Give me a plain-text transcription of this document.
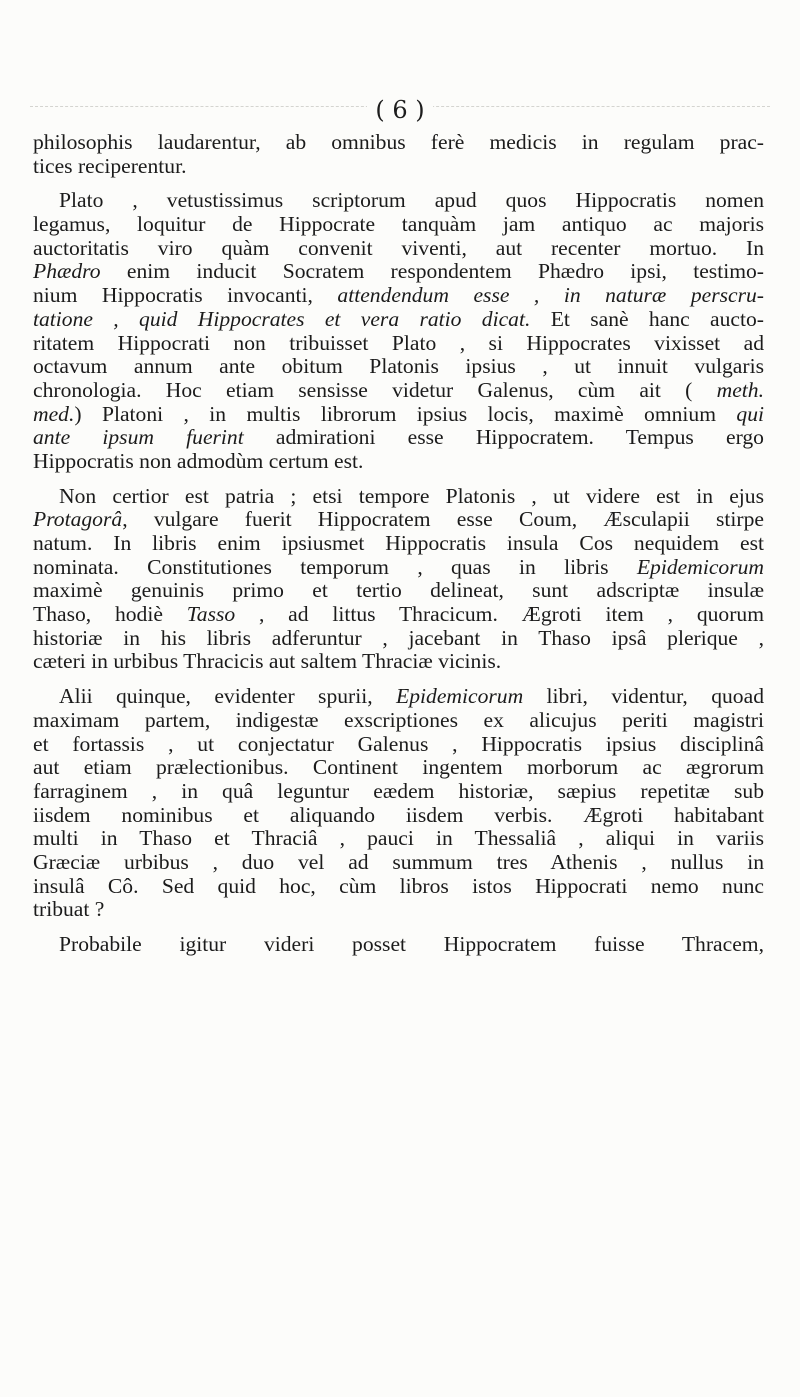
( 6 )
philosophis laudarentur, ab omnibus ferè medicis in regulam prac-
tices reciperentur.
Plato , vetustissimus scriptorum apud quos Hippocratis nomen
legamus, loquitur de Hippocrate tanquàm jam antiquo ac majoris
auctoritatis viro quàm convenit viventi, aut recenter mortuo. In
Phædro enim inducit Socratem respondentem Phædro ipsi, testimo-
nium Hippocratis invocanti, attendendum esse , in naturæ perscru-
tatione , quid Hippocrates et vera ratio dicat. Et sanè hanc aucto-
ritatem Hippocrati non tribuisset Plato , si Hippocrates vixisset ad
octavum annum ante obitum Platonis ipsius , ut innuit vulgaris
chronologia. Hoc etiam sensisse videtur Galenus, cùm ait ( meth.
med.) Platoni , in multis librorum ipsius locis, maximè omnium qui
ante ipsum fuerint admirationi esse Hippocratem. Tempus ergo
Hippocratis non admodùm certum est.
Non certior est patria ; etsi tempore Platonis , ut videre est in ejus
Protagorâ, vulgare fuerit Hippocratem esse Coum, Æsculapii stirpe
natum. In libris enim ipsiusmet Hippocratis insula Cos nequidem est
nominata. Constitutiones temporum , quas in libris Epidemicorum
maximè genuinis primo et tertio delineat, sunt adscriptæ insulæ
Thaso, hodiè Tasso , ad littus Thracicum. Ægroti item , quorum
historiæ in his libris adferuntur , jacebant in Thaso ipsâ plerique ,
cæteri in urbibus Thracicis aut saltem Thraciæ vicinis.
Alii quinque, evidenter spurii, Epidemicorum libri, videntur, quoad
maximam partem, indigestæ exscriptiones ex alicujus periti magistri
et fortassis , ut conjectatur Galenus , Hippocratis ipsius disciplinâ
aut etiam prælectionibus. Continent ingentem morborum ac ægrorum
farraginem , in quâ leguntur eædem historiæ, sæpius repetitæ sub
iisdem nominibus et aliquando iisdem verbis. Ægroti habitabant
multi in Thaso et Thraciâ , pauci in Thessaliâ , aliqui in variis
Græciæ urbibus , duo vel ad summum tres Athenis , nullus in
insulâ Cô. Sed quid hoc, cùm libros istos Hippocrati nemo nunc
tribuat ?
Probabile igitur videri posset Hippocratem fuisse Thracem,
